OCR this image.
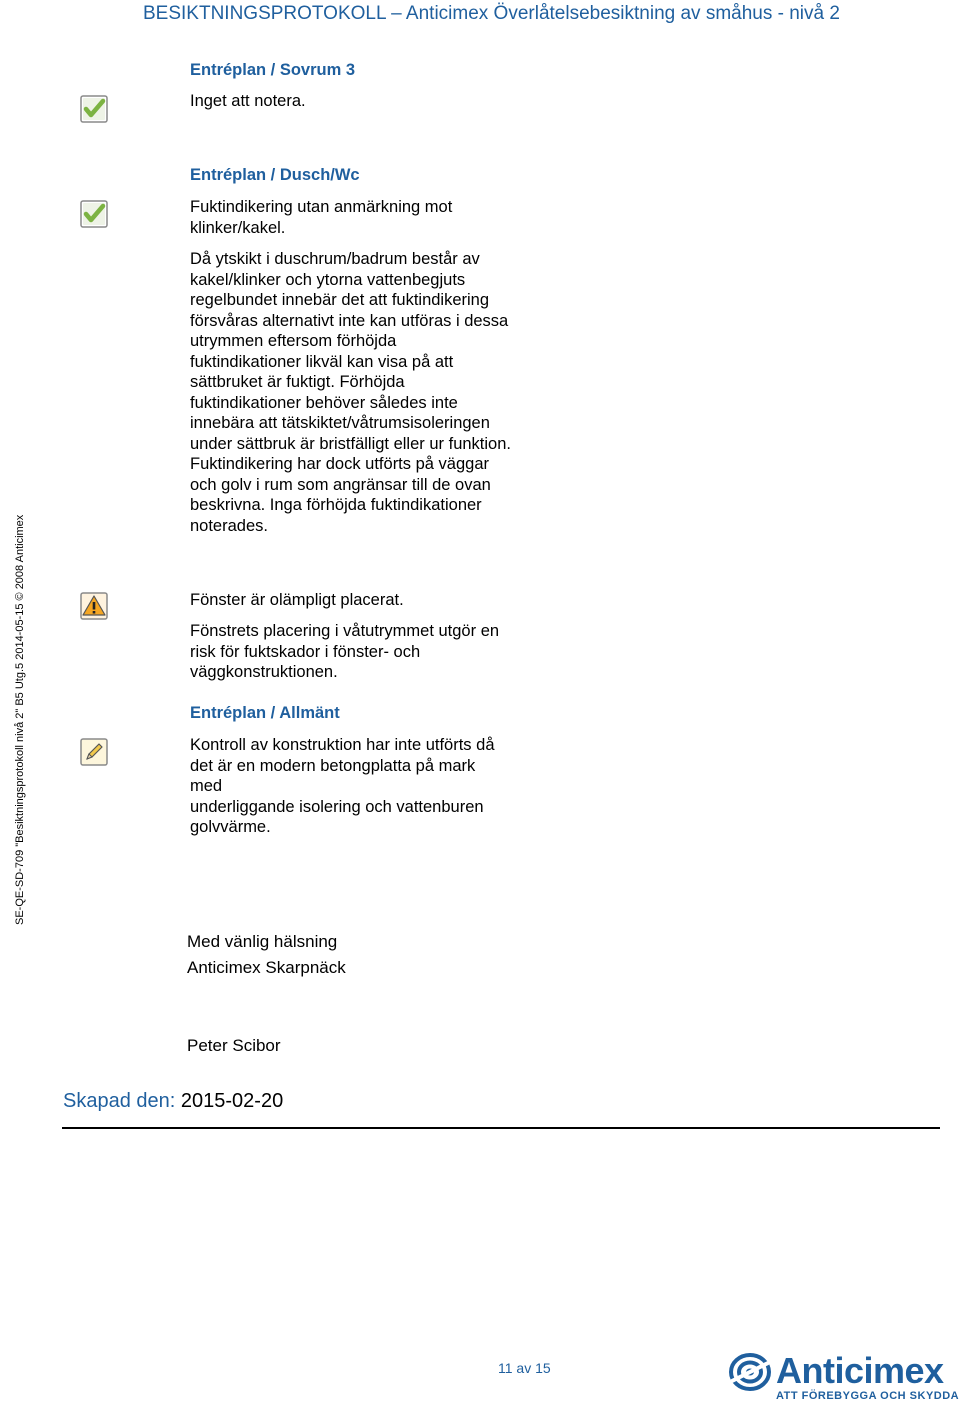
BESIKTNINGSPROTOKOLL – Anticimex Överlåtelsebesiktning av småhus - nivå 2
SE-QE-SD-709 "Besiktningsprotokoll nivå 2" B5 Utg.5 2014-05-15 © 2008 Anticimex
Entréplan / Sovrum 3
Inget att notera.
Entréplan / Dusch/Wc
Fuktindikering utan anmärkning mot
klinker/kakel.
Då ytskikt i duschrum/badrum består av
kakel/klinker och ytorna vattenbegjuts
regelbundet innebär det att fuktindikering
försvåras alternativt inte kan utföras i dessa
utrymmen eftersom förhöjda
fuktindikationer likväl kan visa på att
sättbruket är fuktigt. Förhöjda
fuktindikationer behöver således inte
innebära att tätskiktet/våtrumsisoleringen
under sättbruk är bristfälligt eller ur funktion.
Fuktindikering har dock utförts på väggar
och golv i rum som angränsar till de ovan
beskrivna. Inga förhöjda fuktindikationer
noterades.
Fönster är olämpligt placerat.
Fönstrets placering i våtutrymmet utgör en
risk för fuktskador i fönster- och
väggkonstruktionen.
Entréplan / Allmänt
Kontroll av konstruktion har inte utförts då
det är en modern betongplatta på mark
med
underliggande isolering och vattenburen
golvvärme.
Med vänlig hälsning
Anticimex Skarpnäck
Peter Scibor
Skapad den: 2015-02-20
11 av 15	Anticimex
ATT FÖREBYGGA OCH SKYDDA
